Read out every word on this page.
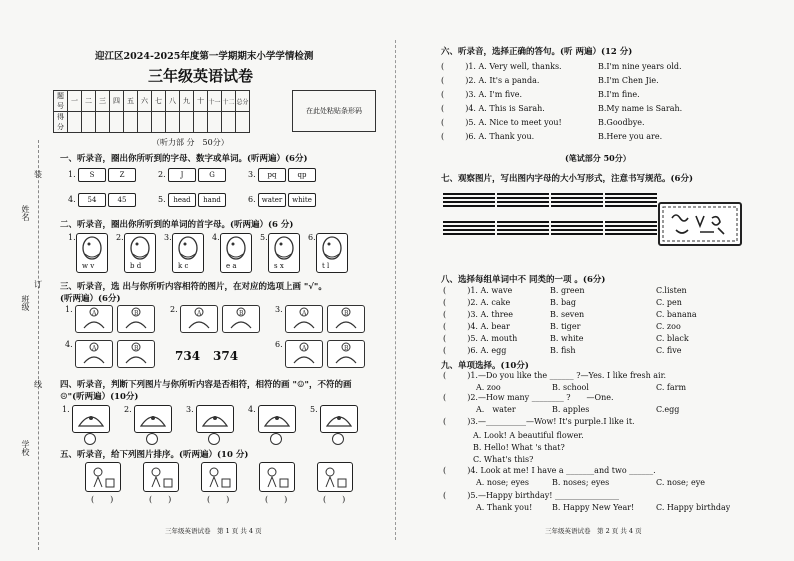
学校
班级
姓名
装
订
线
迎江区2024-2025年度第一学期期末小学学情检测
三年级英语试卷
题号	一	二	三	四	五	六	七	八	九	十	十一	十二	总分
得分													
在此处粘贴条形码
（听力部 分　50分）
一、听录音，圈出你所听到的字母、数字或单词。(听两遍）(6分)
1.	S	Z	2.	J	G	3.	pq	qp
4.	54	45	5.	head	hand	6. water	white
二、听录音，圈出你所听到的单词的首字母。(听两遍）(6 分)
1.
w v
2.
b d
3.
k c
4.
e a
5.
s x
6.
t l
三、听录音，选 出与你所听内容相符的图片，在对应的选项上画 "√"。
(听两遍）(6分)
1.	A	B	2.	A	B	3.	A	B
4.	A	B	6.	A	B
734 374
四、听录音，判断下列图片与你所听内容是否相符，相符的画 "☺"，不符的画
☹"(听两遍）(10分)
1.	2.	3.	4.	5.
五、听录音，给下列图片排序。(听两遍）(10 分)
(　　)	(　　)	(　　)	(　　)	(　　)
三年级英语试卷　第 1 页 共 4 页
六、听录音，选择正确的答句。(听 两遍）(12 分)
( 　　 )1. A. Very well, thanks.	B.I'm nine years old.
( 　　 )2. A. It's a panda.	B.I'm Chen Jie.
( 　　 )3. A. I'm five.	B.I'm fine.
( 　　 )4. A. This is Sarah.	B.My name is Sarah.
( 　　 )5. A. Nice to meet you!	B.Goodbye.
( 　　 )6. A. Thank you.	B.Here you are.
(笔试部分 50分）
七、观察图片，写出图内字母的大小写形式，注意书写规范。(6分)
八、选择每组单词中不 同类的一项 。(6分)
( 　　 )1. A. wave	B. green	C.listen
( 　　 )2. A. cake	B. bag	C. pen
( 　　 )3. A. three	B. seven	C. banana
( 　　 )4. A. bear	B. tiger	C. zoo
( 　　 )5. A. mouth	B. white	C. black
( 　　 )6. A. egg	B. fish	C. five
九、单项选择。(10分)
( 　　 )1.—Do you like the ______ ?—Yes. I like fresh air.
A. zoo	B. school	C. farm
( 　　 )2.—How many ________ ?　　—One.
A.　water	B. apples	C.egg
( 　　 )3.—__________—Wow! It's purple.I like it.
A. Look! A beautiful flower.
B. Hello! What 's that?
C. What's this?
( 　　 )4. Look at me! I have a _______and two ______.
A. nose; eyes	B. noses; eyes	C. nose; eye
( 　　 )5.—Happy birthday! ________________
A. Thank you! B. Happy New Year!	C. Happy birthday
三年级英语试卷　第 2 页 共 4 页
